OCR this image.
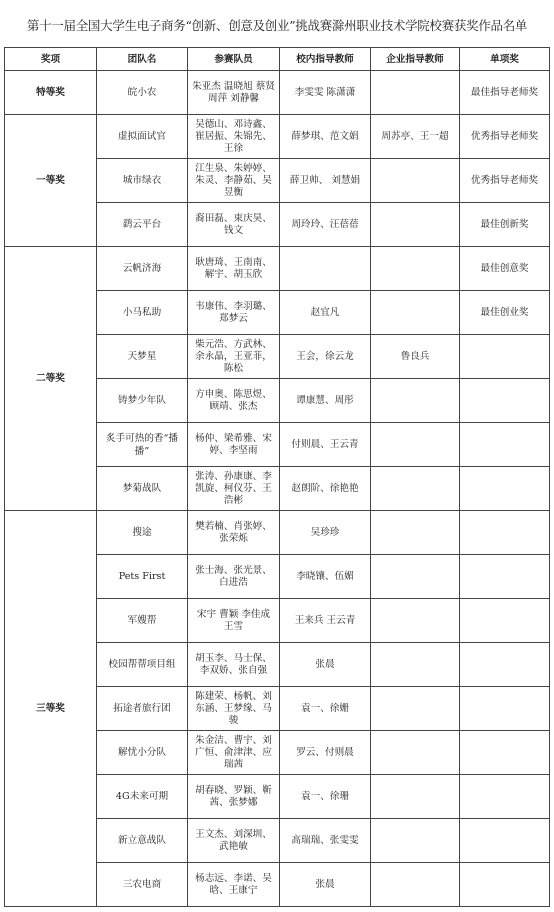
第十一届全国大学生电子商务“创新、创意及创业”挑战赛滁州职业技术学院校赛获奖作品名单
奖项	团队名	参赛队员	校内指导教师	企业指导教师	单项奖
特等奖	皖小农	朱亚杰 温晓旭 蔡贤 周萍 刘静馨	李雯雯 陈潇潇		最佳指导老师奖
一等奖	虚拟面试官	吴德山、邓诗鑫、崔居振、朱锦先、王徐	薛梦琪、范文娟	周苏亭、王一超	优秀指导老师奖
	城市绿衣	江生泉、朱婷婷、朱灵、李静茹、吴昱衡	薛卫帅、 刘慧娟		优秀指导老师奖
	鹞云平台	裔田磊、束庆昊、钱文	周玲玲、汪蓓蓓		最佳创新奖
二等奖	云帆济海	耿唐琦、王南南、解宇、胡玉欣			最佳创意奖
	小马私助	韦康伟、李羽璐、郑梦云	赵宜凡		最佳创业奖
	天梦星	柴元浩、方武林、余永晶，王亚菲，陈松	王会，徐云龙	鲁良兵	
	铸梦少年队	方申奥、陈思煜、顾靖、张杰	谭康慧、周彤		
	炙手可热的香“播播”	杨仲、梁希雅、宋婷、李坚雨	付则晨、王云青		
	梦菊战队	张涛、孙康康、李凯旋、柯仪芬、王浩彬	赵朗阶、徐艳艳		
三等奖	搜途	樊若楠、肖张婷、张荣烁	吴珍珍		
	Pets First	张士海、张光景、白进浩	李晓镶、伍媚		
	军嫂帮	宋宇 曹颖 李佳成 王雪	王来兵 王云青		
	校园帮帮项目组	胡玉李、马士保、李双娇、张自强	张晨		
	拓途者旅行团	陈建荣、杨帆、刘东涵、王梦缘、马骏	袁一、徐姗		
	解忧小分队	朱金洁、曹宇、刘广恒、俞津津、应瑞茜	罗云、付则晨		
	4G未来可期	胡春晓、罗颖、靳茜、张梦娜	袁一、徐珊		
	新立意战队	王文杰、刘深圳、武艳敏	高瑞瑞、张雯雯		
	三农电商	杨志远、李诺、吴晗、王康宁	张晨		
